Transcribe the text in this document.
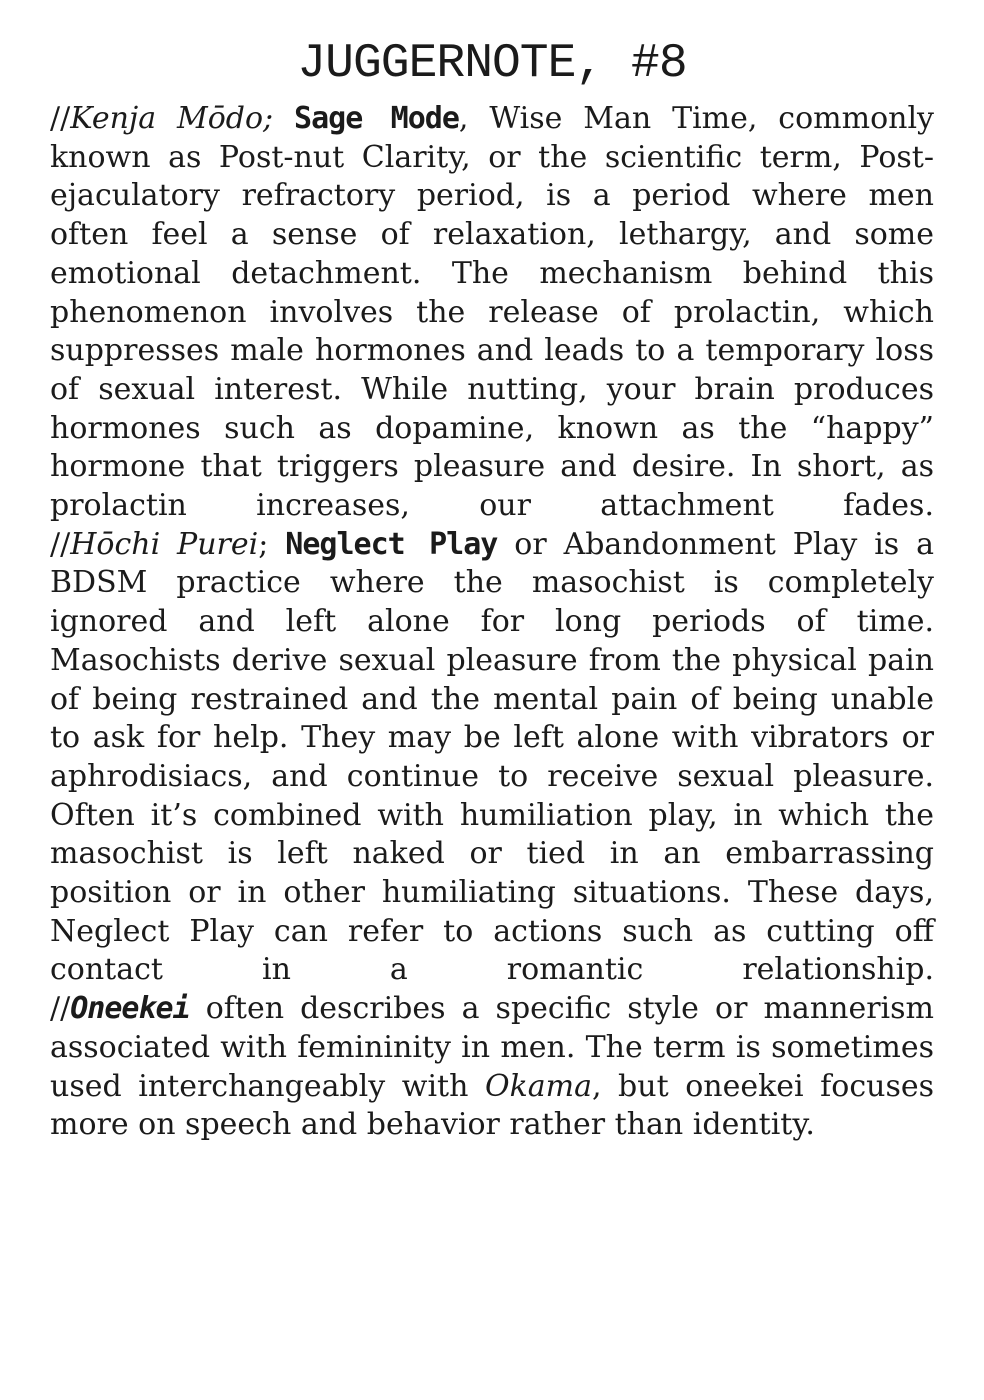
JUGGERNOTE, #8
//Kenja Mōdo; Sage Mode, Wise Man Time, commonly known as Post-nut Clarity, or the scientific term, Post-ejaculatory refractory period, is a period where men often feel a sense of relaxation, lethargy, and some emotional detachment. The mechanism behind this phenomenon involves the release of prolactin, which suppresses male hormones and leads to a temporary loss of sexual interest. While nutting, your brain produces hormones such as dopamine, known as the “happy” hormone that triggers pleasure and desire. In short, as prolactin increases, our attachment fades.
//Hōchi Purei; Neglect Play or Abandonment Play is a BDSM practice where the masochist is completely ignored and left alone for long periods of time. Masochists derive sexual pleasure from the physical pain of being restrained and the mental pain of being unable to ask for help. They may be left alone with vibrators or aphrodisiacs, and continue to receive sexual pleasure. Often it’s combined with humiliation play, in which the masochist is left naked or tied in an embarrassing position or in other humiliating situations. These days, Neglect Play can refer to actions such as cutting off contact in a romantic relationship.
//Oneekei often describes a specific style or mannerism associated with femininity in men. The term is sometimes used interchangeably with Okama, but oneekei focuses more on speech and behavior rather than identity.
